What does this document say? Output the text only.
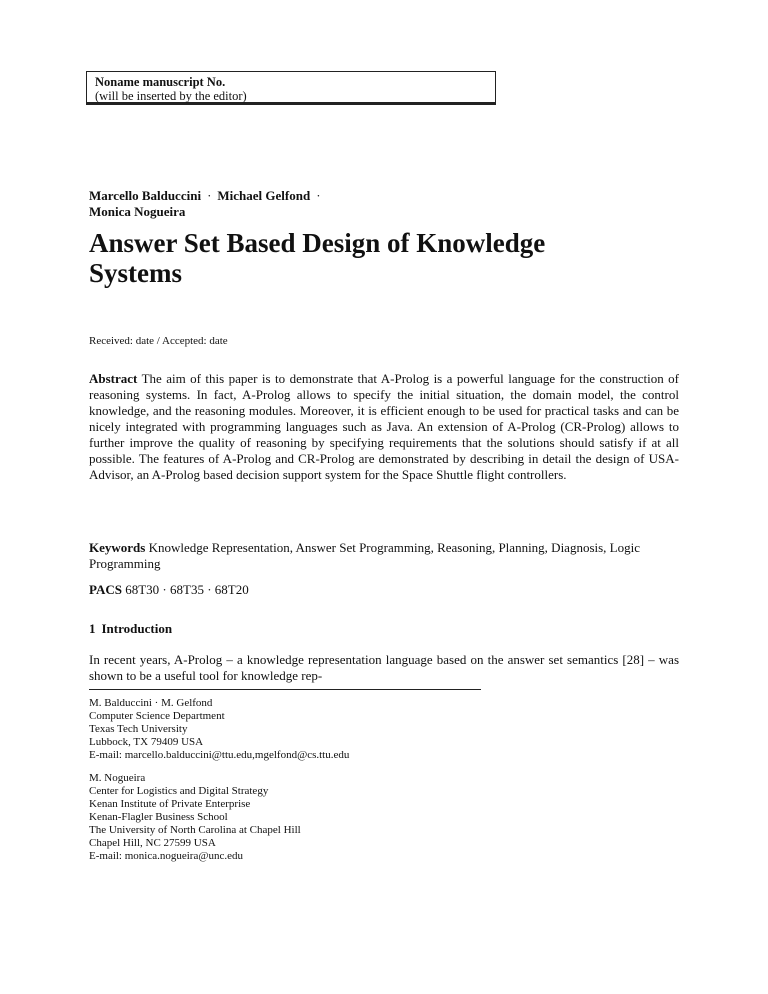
Noname manuscript No.
(will be inserted by the editor)
Marcello Balduccini · Michael Gelfond ·
Monica Nogueira
Answer Set Based Design of Knowledge Systems
Received: date / Accepted: date

Abstract The aim of this paper is to demonstrate that A-Prolog is a powerful language for the construction of reasoning systems. In fact, A-Prolog allows to specify the initial situation, the domain model, the control knowledge, and the reasoning modules. Moreover, it is efficient enough to be used for practical tasks and can be nicely integrated with programming languages such as Java. An extension of A-Prolog (CR-Prolog) allows to further improve the quality of reasoning by specifying requirements that the solutions should satisfy if at all possible. The features of A-Prolog and CR-Prolog are demonstrated by describing in detail the design of USA-Advisor, an A-Prolog based decision support system for the Space Shuttle flight controllers.

Keywords Knowledge Representation, Answer Set Programming, Reasoning, Planning, Diagnosis, Logic Programming

PACS 68T30 · 68T35 · 68T20

1 Introduction

In recent years, A-Prolog – a knowledge representation language based on the answer set semantics [28] – was shown to be a useful tool for knowledge rep-

M. Balduccini · M. Gelfond
Computer Science Department
Texas Tech University
Lubbock, TX 79409 USA
E-mail: marcello.balduccini@ttu.edu,mgelfond@cs.ttu.edu

M. Nogueira
Center for Logistics and Digital Strategy
Kenan Institute of Private Enterprise
Kenan-Flagler Business School
The University of North Carolina at Chapel Hill
Chapel Hill, NC 27599 USA
E-mail: monica.nogueira@unc.edu
